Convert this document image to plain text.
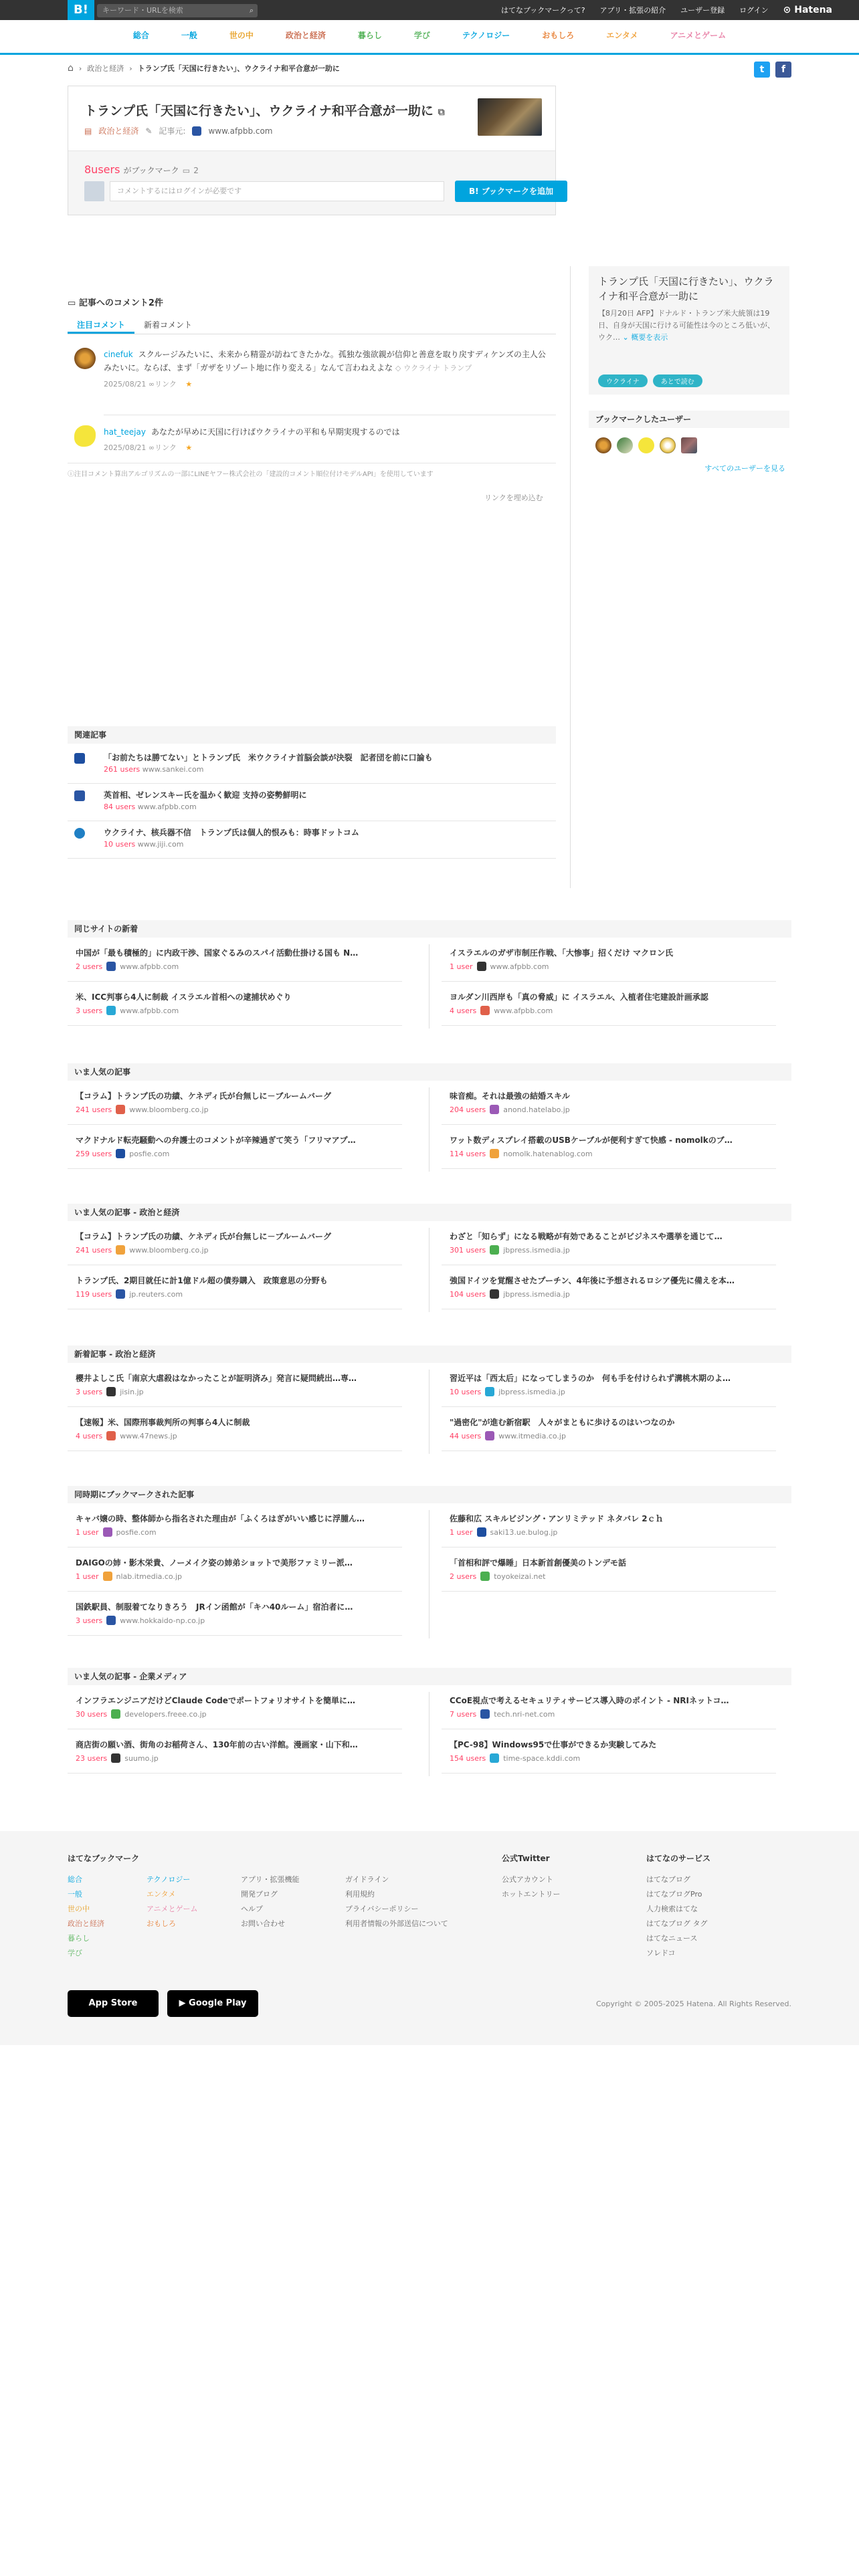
B!	キーワード・URLを検索	⌕	はてなブックマークって? アプリ・拡張の紹介 ユーザー登録 ログイン ⊙ Hatena
総合	一般	世の中	政治と経済	暮らし	学び	テクノロジー	おもしろ	エンタメ	アニメとゲーム
⌂ › 政治と経済 › トランプ氏「天国に行きたい」、ウクライナ和平合意が一助に	t	f
トランプ氏「天国に行きたい」、ウクライナ和平合意が一助に ⧉
▤ 政治と経済 ✎ 記事元:	www.afpbb.com
8users がブックマーク ▭ 2
コメントするにはログインが必要です	B! ブックマークを追加
▭ 記事へのコメント2件
注目コメント	新着コメント
cinefuk スクルージみたいに、未来から精霊が訪ねてきたかな。孤独な強欲親が信仰と善意を取り戻すディケンズの主人公みたいに。ならば、まず「ガザをリゾート地に作り変える」なんて言わねえよな ◇ ウクライナ トランプ
2025/08/21 ∞リンク ★
hat_teejay あなたが早めに天国に行けばウクライナの平和も早期実現するのでは
2025/08/21 ∞リンク ★
ⓘ注目コメント算出アルゴリズムの一部にLINEヤフー株式会社の「建設的コメント順位付けモデルAPI」を使用しています
リンクを埋め込む
トランプ氏「天国に行きたい」、ウクライナ和平合意が一助に
【8月20日 AFP】ドナルド・トランプ米大統領は19日、自身が天国に行ける可能性は今のところ低いが、ウク… ⌄ 概要を表示
ウクライナ	あとで読む
ブックマークしたユーザー
すべてのユーザーを見る
関連記事
「お前たちは勝てない」とトランプ氏　米ウクライナ首脳会談が決裂　記者団を前に口論も
261 users www.sankei.com
英首相、ゼレンスキー氏を温かく歓迎 支持の姿勢鮮明に
84 users www.afpbb.com
ウクライナ、核兵器不信　トランプ氏は個人的恨みも：時事ドットコム
10 users www.jiji.com
同じサイトの新着
中国が「最も積極的」に内政干渉、国家ぐるみのスパイ活動仕掛ける国も N…
2 users www.afpbb.com
イスラエルのガザ市制圧作戦、「大惨事」招くだけ マクロン氏
1 user www.afpbb.com
米、ICC判事ら4人に制裁 イスラエル首相への逮捕状めぐり
3 users www.afpbb.com
ヨルダン川西岸も「真の脅威」に イスラエル、入植者住宅建設計画承認
4 users www.afpbb.com
いま人気の記事
【コラム】トランプ氏の功績、ケネディ氏が台無しに－ブルームバーグ
241 users www.bloomberg.co.jp
味音痴。それは最強の結婚スキル
204 users anond.hatelabo.jp
マクドナルド転売騒動への弁護士のコメントが辛辣過ぎて笑う「フリマアプ…
259 users posfie.com
ワット数ディスプレイ搭載のUSBケーブルが便利すぎて快感 - nomolkのブ…
114 users nomolk.hatenablog.com
いま人気の記事 - 政治と経済
【コラム】トランプ氏の功績、ケネディ氏が台無しに－ブルームバーグ
241 users www.bloomberg.co.jp
わざと「知らず」になる戦略が有効であることがビジネスや選挙を通じて…
301 users jbpress.ismedia.jp
トランプ氏、2期目就任に計1億ドル超の債券購入　政策意思の分野も
119 users jp.reuters.com
強国ドイツを覚醒させたプーチン、4年後に予想されるロシア優先に備えを本…
104 users jbpress.ismedia.jp
新着記事 - 政治と経済
櫻井よしこ氏「南京大虐殺はなかったことが証明済み」発言に疑問続出…専…
3 users jisin.jp
習近平は「西太后」になってしまうのか　何も手を付けられず溝桃木期のよ…
10 users jbpress.ismedia.jp
【速報】米、国際刑事裁判所の判事ら4人に制裁
4 users www.47news.jp
"過密化"が進む新宿駅　人々がまともに歩けるのはいつなのか
44 users www.itmedia.co.jp
同時期にブックマークされた記事
キャバ嬢の時、整体師から指名された理由が「ふくろはぎがいい感じに浮腫ん…
1 user posfie.com
佐藤和広 スキルビジング・アンリミテッド ネタバレ 2ｃｈ
1 user saki13.ue.bulog.jp
DAIGOの姉・影木栄貴、ノーメイク姿の姉弟ショットで美形ファミリー派…
1 user nlab.itmedia.co.jp
「首相和評で爆睡」日本新首創優美のトンデモ話
2 users toyokeizai.net
国鉄駅員、制服着てなりきろう　JRイン函館が「キハ40ルーム」宿泊者に…
3 users www.hokkaido-np.co.jp
いま人気の記事 - 企業メディア
インフラエンジニアだけどClaude Codeでポートフォリオサイトを簡単に…
30 users developers.freee.co.jp
CCoE視点で考えるセキュリティサービス導入時のポイント - NRIネットコ…
7 users tech.nri-net.com
商店街の願い酒、街角のお稲荷さん、130年前の古い洋館。漫画家・山下和…
23 users suumo.jp
【PC-98】Windows95で仕事ができるか実験してみた
154 users time-space.kddi.com
はてなブックマーク
総合
一般
世の中
政治と経済
暮らし
学び
テクノロジー
エンタメ
アニメとゲーム
おもしろ
アプリ・拡張機能
開発ブログ
ヘルプ
お問い合わせ
ガイドライン
利用規約
プライバシーポリシー
利用者情報の外部送信について
公式Twitter
公式アカウント
ホットエントリー
はてなのサービス
はてなブログ
はてなブログPro
人力検索はてな
はてなブログ タグ
はてなニュース
ソレドコ
App Store	▶ Google Play	Copyright © 2005-2025 Hatena. All Rights Reserved.
